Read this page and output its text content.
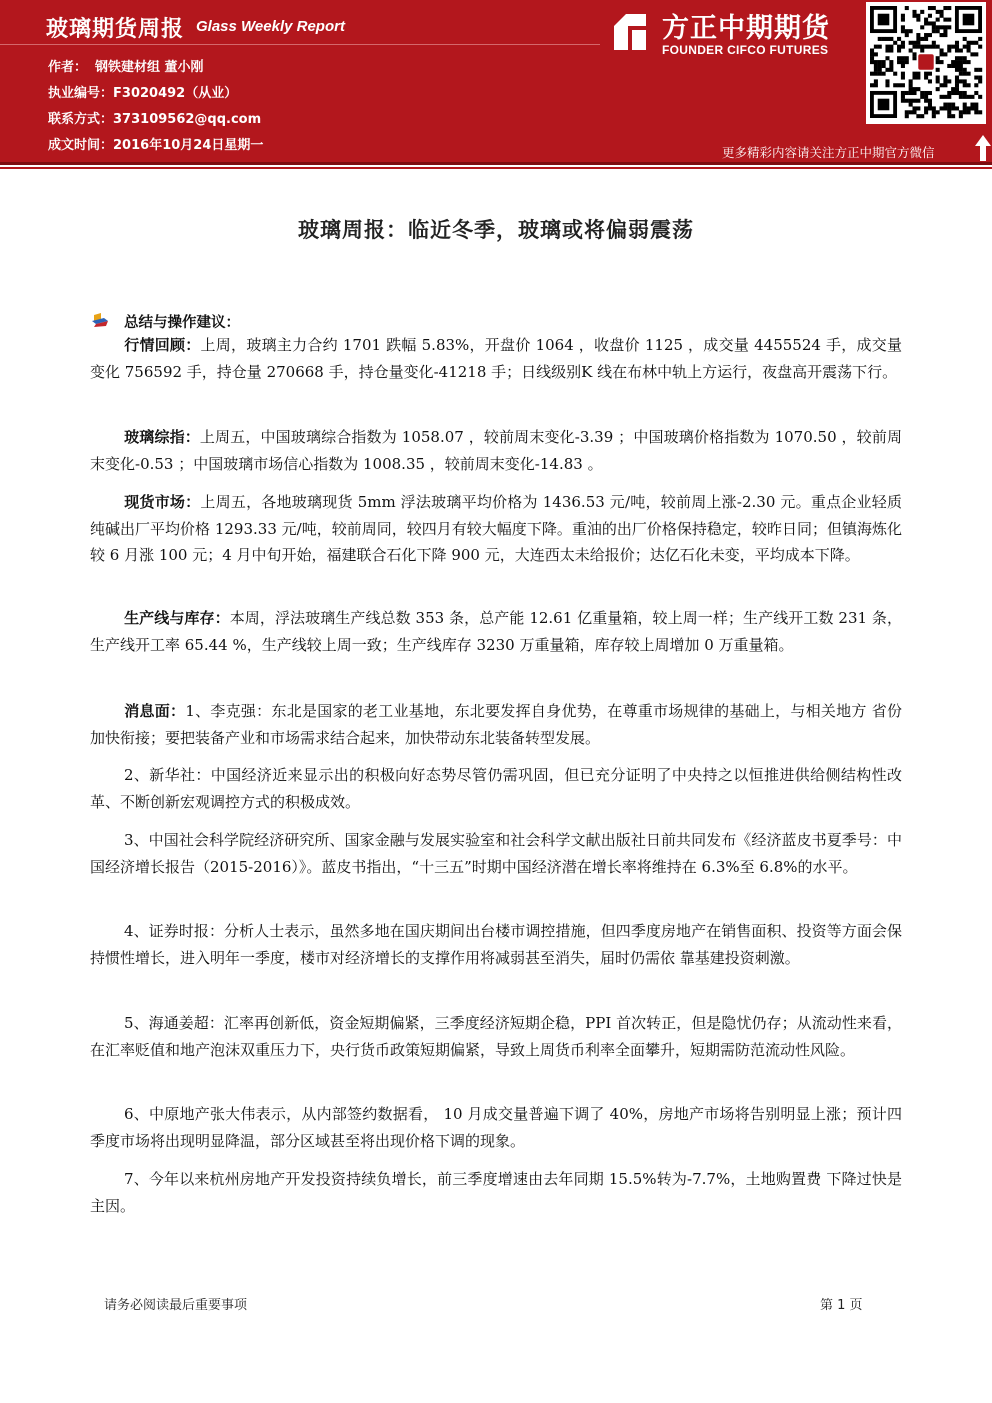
玻璃期货周报 Glass Weekly Report
作者： 钢铁建材组 董小刚
执业编号：F3020492（从业）
联系方式：373109562@qq.com
成文时间：2016年10月24日星期一
方正中期期货
FOUNDER CIFCO FUTURES
更多精彩内容请关注方正中期官方微信
玻璃周报：临近冬季，玻璃或将偏弱震荡
总结与操作建议：
行情回顾：上周，玻璃主力合约 1701 跌幅 5.83%，开盘价 1064 ，收盘价 1125 ，成交量 4455524 手，成交量变化 756592 手，持仓量 270668 手，持仓量变化-41218 手；日线级别K 线在布林中轨上方运行，夜盘高开震荡下行。
玻璃综指：上周五，中国玻璃综合指数为 1058.07 ，较前周末变化-3.39 ；中国玻璃价格指数为 1070.50 ，较前周末变化-0.53 ；中国玻璃市场信心指数为 1008.35 ，较前周末变化-14.83 。
现货市场：上周五，各地玻璃现货 5mm 浮法玻璃平均价格为 1436.53 元/吨，较前周上涨-2.30 元。重点企业轻质纯碱出厂平均价格 1293.33 元/吨，较前周同，较四月有较大幅度下降。重油的出厂价格保持稳定，较昨日同；但镇海炼化较 6 月涨 100 元；4 月中旬开始，福建联合石化下降 900 元，大连西太未给报价；达亿石化未变，平均成本下降。
生产线与库存：本周，浮法玻璃生产线总数 353 条，总产能 12.61 亿重量箱，较上周一样；生产线开工数 231 条，生产线开工率 65.44 %，生产线较上周一致；生产线库存 3230 万重量箱，库存较上周增加 0 万重量箱。
消息面：1、李克强：东北是国家的老工业基地，东北要发挥自身优势，在尊重市场规律的基础上，与相关地方 省份加快衔接；要把装备产业和市场需求结合起来，加快带动东北装备转型发展。
2、新华社：中国经济近来显示出的积极向好态势尽管仍需巩固，但已充分证明了中央持之以恒推进供给侧结构性改革、不断创新宏观调控方式的积极成效。
3、中国社会科学院经济研究所、国家金融与发展实验室和社会科学文献出版社日前共同发布《经济蓝皮书夏季号：中国经济增长报告（2015-2016）》。蓝皮书指出，“十三五”时期中国经济潜在增长率将维持在 6.3%至 6.8%的水平。
4、证券时报：分析人士表示，虽然多地在国庆期间出台楼市调控措施，但四季度房地产在销售面积、投资等方面会保持惯性增长，进入明年一季度，楼市对经济增长的支撑作用将减弱甚至消失，届时仍需依 靠基建投资刺激。
5、海通姜超：汇率再创新低，资金短期偏紧，三季度经济短期企稳，PPI 首次转正，但是隐忧仍存；从流动性来看，在汇率贬值和地产泡沫双重压力下，央行货币政策短期偏紧，导致上周货币利率全面攀升，短期需防范流动性风险。
6、中原地产张大伟表示，从内部签约数据看， 10 月成交量普遍下调了 40%，房地产市场将告别明显上涨；预计四季度市场将出现明显降温，部分区域甚至将出现价格下调的现象。
7、今年以来杭州房地产开发投资持续负增长，前三季度增速由去年同期 15.5%转为-7.7%，土地购置费 下降过快是主因。
请务必阅读最后重要事项	第 1 页
